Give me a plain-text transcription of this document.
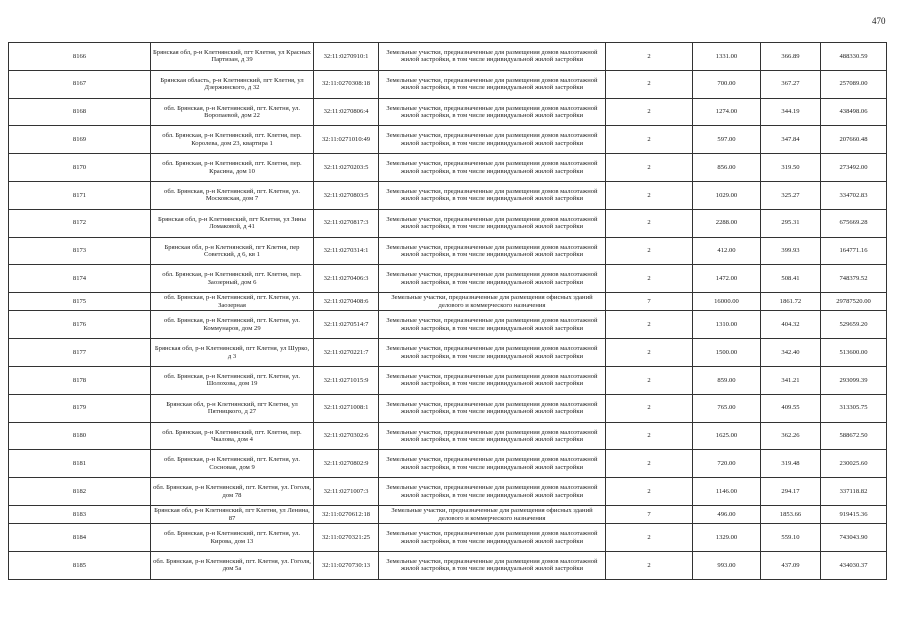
470
8166	Брянская обл, р-н Клетнянский, пгт Клетня, ул Красных Партизан, д 39	32:11:0270910:1	Земельные участки, предназначенные для размещения домов малоэтажной жилой застройки, в том числе индивидуальной жилой застройки	2	1331.00	366.89	488330.59
8167	Брянская область, р-н Клетнянский, пгт Клетня, ул Дзержинского, д 32	32:11:0270308:18	Земельные участки, предназначенные для размещения домов малоэтажной жилой застройки, в том числе индивидуальной жилой застройки	2	700.00	367.27	257089.00
8168	обл. Брянская, р-н Клетнянский, пгт. Клетня, ул. Воропаевой, дом 22	32:11:0270806:4	Земельные участки, предназначенные для размещения домов малоэтажной жилой застройки, в том числе индивидуальной жилой застройки	2	1274.00	344.19	438498.06
8169	обл. Брянская, р-н Клетнянский, пгт. Клетня, пер. Королева, дом 23, квартира 1	32:11:0271010:49	Земельные участки, предназначенные для размещения домов малоэтажной жилой застройки, в том числе индивидуальной жилой застройки	2	597.00	347.84	207660.48
8170	обл. Брянская, р-н Клетнянский, пгт. Клетня, пер. Красина, дом 10	32:11:0270203:5	Земельные участки, предназначенные для размещения домов малоэтажной жилой застройки, в том числе индивидуальной жилой застройки	2	856.00	319.50	273492.00
8171	обл. Брянская, р-н Клетнянский, пгт. Клетня, ул. Московская, дом 7	32:11:0270803:5	Земельные участки, предназначенные для размещения домов малоэтажной жилой застройки, в том числе индивидуальной жилой застройки	2	1029.00	325.27	334702.83
8172	Брянская обл, р-н Клетнянский, пгт Клетня, ул Зины Ломаковой, д 41	32:11:0270817:3	Земельные участки, предназначенные для размещения домов малоэтажной жилой застройки, в том числе индивидуальной жилой застройки	2	2288.00	295.31	675669.28
8173	Брянская обл, р-н Клетнянский, пгт Клетня, пер Советский, д 6, кв 1	32:11:0270314:1	Земельные участки, предназначенные для размещения домов малоэтажной жилой застройки, в том числе индивидуальной жилой застройки	2	412.00	399.93	164771.16
8174	обл. Брянская, р-н Клетнянский, пгт. Клетня, пер. Заозерный, дом 6	32:11:0270406:3	Земельные участки, предназначенные для размещения домов малоэтажной жилой застройки, в том числе индивидуальной жилой застройки	2	1472.00	508.41	748379.52
8175	обл. Брянская, р-н Клетнянский, пгт. Клетня, ул. Заозерная	32:11:0270408:6	Земельные участки, предназначенные для размещения офисных зданий делового и коммерческого назначения	7	16000.00	1861.72	29787520.00
8176	обл. Брянская, р-н Клетнянский, пгт. Клетня, ул. Коммунаров, дом 29	32:11:0270514:7	Земельные участки, предназначенные для размещения домов малоэтажной жилой застройки, в том числе индивидуальной жилой застройки	2	1310.00	404.32	529659.20
8177	Брянская обл, р-н Клетнянский, пгт Клетня, ул Шурко, д 3	32:11:0270221:7	Земельные участки, предназначенные для размещения домов малоэтажной жилой застройки, в том числе индивидуальной жилой застройки	2	1500.00	342.40	513600.00
8178	обл. Брянская, р-н Клетнянский, пгт. Клетня, ул. Шолохова, дом 19	32:11:0271015:9	Земельные участки, предназначенные для размещения домов малоэтажной жилой застройки, в том числе индивидуальной жилой застройки	2	859.00	341.21	293099.39
8179	Брянская обл, р-н Клетнянский, пгт Клетня, ул Пятницкого, д 27	32:11:0271008:1	Земельные участки, предназначенные для размещения домов малоэтажной жилой застройки, в том числе индивидуальной жилой застройки	2	765.00	409.55	313305.75
8180	обл. Брянская, р-н Клетнянский, пгт. Клетня, пер. Чкалова, дом 4	32:11:0270302:6	Земельные участки, предназначенные для размещения домов малоэтажной жилой застройки, в том числе индивидуальной жилой застройки	2	1625.00	362.26	588672.50
8181	обл. Брянская, р-н Клетнянский, пгт. Клетня, ул. Сосновая, дом 9	32:11:0270802:9	Земельные участки, предназначенные для размещения домов малоэтажной жилой застройки, в том числе индивидуальной жилой застройки	2	720.00	319.48	230025.60
8182	обл. Брянская, р-н Клетнянский, пгт. Клетня, ул. Гоголя, дом 78	32:11:0271007:3	Земельные участки, предназначенные для размещения домов малоэтажной жилой застройки, в том числе индивидуальной жилой застройки	2	1146.00	294.17	337118.82
8183	Брянская обл, р-н Клетнянский, пгт Клетня, ул Ленина, 87	32:11:0270612:18	Земельные участки, предназначенные для размещения офисных зданий делового и коммерческого назначения	7	496.00	1853.66	919415.36
8184	обл. Брянская, р-н Клетнянский, пгт. Клетня, ул. Кирова, дом 13	32:11:0270321:25	Земельные участки, предназначенные для размещения домов малоэтажной жилой застройки, в том числе индивидуальной жилой застройки	2	1329.00	559.10	743043.90
8185	обл. Брянская, р-н Клетнянский, пгт. Клетня, ул. Гоголя, дом 5а	32:11:0270730:13	Земельные участки, предназначенные для размещения домов малоэтажной жилой застройки, в том числе индивидуальной жилой застройки	2	993.00	437.09	434030.37
